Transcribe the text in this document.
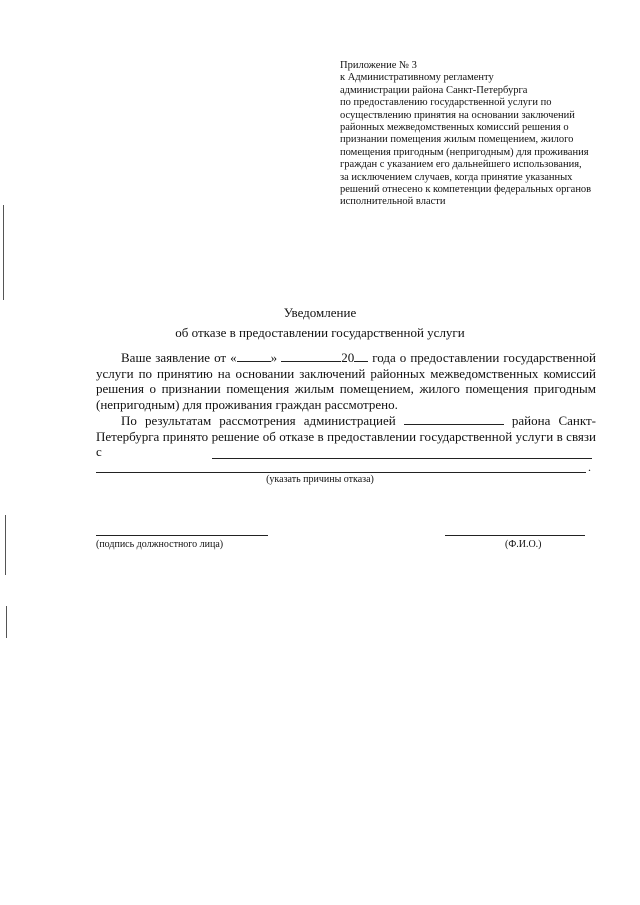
Приложение № 3
к Административному регламенту
администрации района Санкт-Петербурга
по предоставлению государственной услуги по
осуществлению принятия на основании заключений
районных межведомственных комиссий решения о
признании помещения жилым помещением, жилого
помещения пригодным (непригодным) для проживания
граждан с указанием его дальнейшего использования,
за исключением случаев, когда принятие указанных
решений отнесено к компетенции федеральных органов
исполнительной власти
Уведомление
об отказе в предоставлении государственной услуги
Ваше заявление от «	»	20 года о предоставлении государственной услуги по принятию на основании заключений районных межведомственных комиссий решения о признании помещения жилым помещением, жилого помещения пригодным (непригодным) для проживания граждан рассмотрено.
По результатам рассмотрения администрацией	района Санкт-Петербурга принято решение об отказе в предоставлении государственной услуги в связи с
.
(указать причины отказа)
(подпись должностного лица)	(Ф.И.О.)
